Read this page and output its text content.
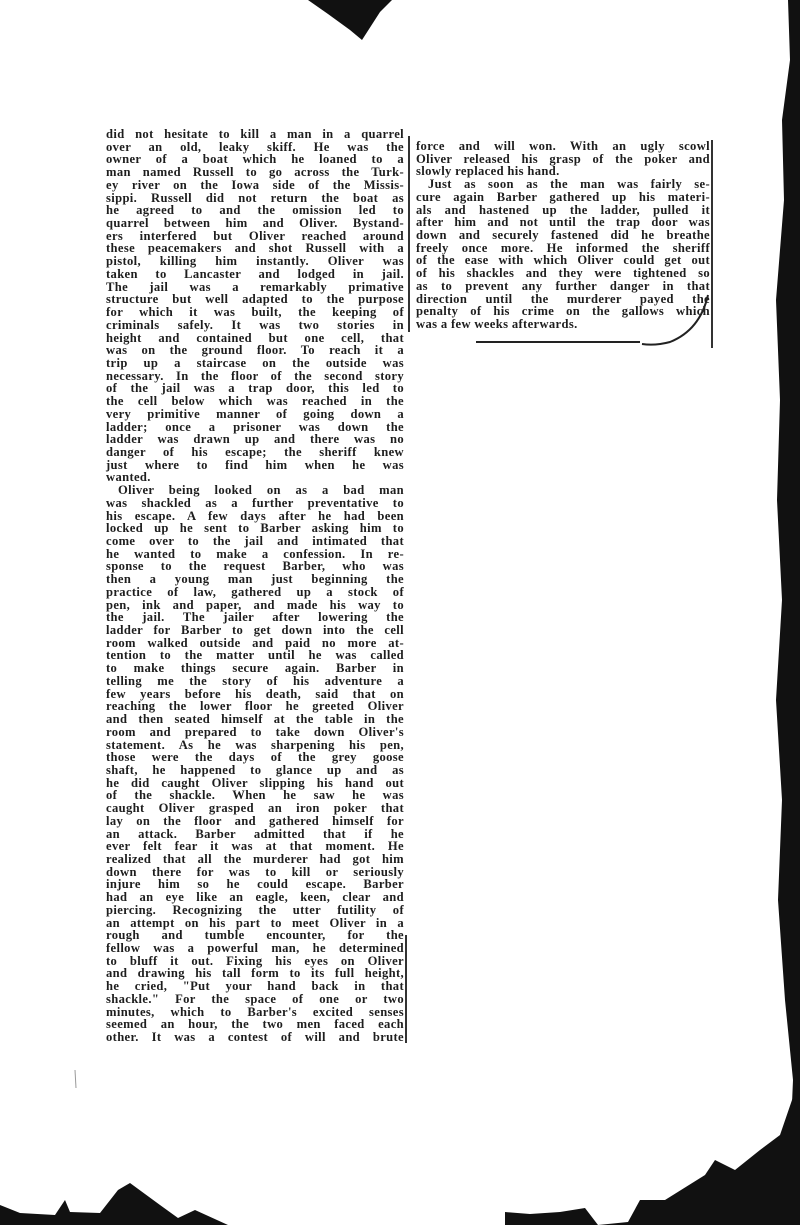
did not hesitate to kill a man in a quarrel
over an old, leaky skiff. He was the
owner of a boat which he loaned to a
man named Russell to go across the Turk-
ey river on the Iowa side of the Missis-
sippi. Russell did not return the boat as
he agreed to and the omission led to
quarrel between him and Oliver. Bystand-
ers interfered but Oliver reached around
these peacemakers and shot Russell with a
pistol, killing him instantly. Oliver was
taken to Lancaster and lodged in jail.
The jail was a remarkably primative
structure but well adapted to the purpose
for which it was built, the keeping of
criminals safely. It was two stories in
height and contained but one cell, that
was on the ground floor. To reach it a
trip up a staircase on the outside was
necessary. In the floor of the second story
of the jail was a trap door, this led to
the cell below which was reached in the
very primitive manner of going down a
ladder; once a prisoner was down the
ladder was drawn up and there was no
danger of his escape; the sheriff knew
just where to find him when he was
wanted.
Oliver being looked on as a bad man
was shackled as a further preventative to
his escape. A few days after he had been
locked up he sent to Barber asking him to
come over to the jail and intimated that
he wanted to make a confession. In re-
sponse to the request Barber, who was
then a young man just beginning the
practice of law, gathered up a stock of
pen, ink and paper, and made his way to
the jail. The jailer after lowering the
ladder for Barber to get down into the cell
room walked outside and paid no more at-
tention to the matter until he was called
to make things secure again. Barber in
telling me the story of his adventure a
few years before his death, said that on
reaching the lower floor he greeted Oliver
and then seated himself at the table in the
room and prepared to take down Oliver's
statement. As he was sharpening his pen,
those were the days of the grey goose
shaft, he happened to glance up and as
he did caught Oliver slipping his hand out
of the shackle. When he saw he was
caught Oliver grasped an iron poker that
lay on the floor and gathered himself for
an attack. Barber admitted that if he
ever felt fear it was at that moment. He
realized that all the murderer had got him
down there for was to kill or seriously
injure him so he could escape. Barber
had an eye like an eagle, keen, clear and
piercing. Recognizing the utter futility of
an attempt on his part to meet Oliver in a
rough and tumble encounter, for the
fellow was a powerful man, he determined
to bluff it out. Fixing his eyes on Oliver
and drawing his tall form to its full height,
he cried, "Put your hand back in that
shackle." For the space of one or two
minutes, which to Barber's excited senses
seemed an hour, the two men faced each
other. It was a contest of will and brute
force and will won. With an ugly scowl
Oliver released his grasp of the poker and
slowly replaced his hand.
Just as soon as the man was fairly se-
cure again Barber gathered up his materi-
als and hastened up the ladder, pulled it
after him and not until the trap door was
down and securely fastened did he breathe
freely once more. He informed the sheriff
of the ease with which Oliver could get out
of his shackles and they were tightened so
as to prevent any further danger in that
direction until the murderer payed the
penalty of his crime on the gallows which
was a few weeks afterwards.
